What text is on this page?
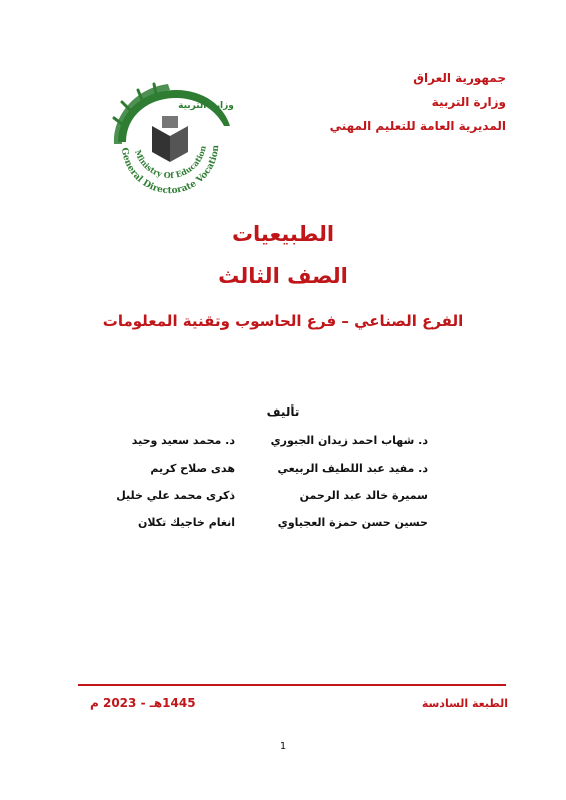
جمهورية العراق
وزارة التربية
المديرية العامة للتعليم المهني
General Directorate Vocation
Ministry Of Education
وزارة التربية
الطبيعيات
الصف الثالث
الفرع الصناعي – فرع الحاسوب وتقنية المعلومات
تأليف
د. شهاب احمد زيدان الجبوري
د. محمد سعيد وحيد
د. مفيد عبد اللطيف الربيعي
هدى صلاح كريم
سميرة خالد عبد الرحمن
ذكرى محمد علي خليل
حسين حسن حمزة العجياوي
انغام خاجيك تكلان
الطبعة السادسة
1445هـ - 2023 م
1
